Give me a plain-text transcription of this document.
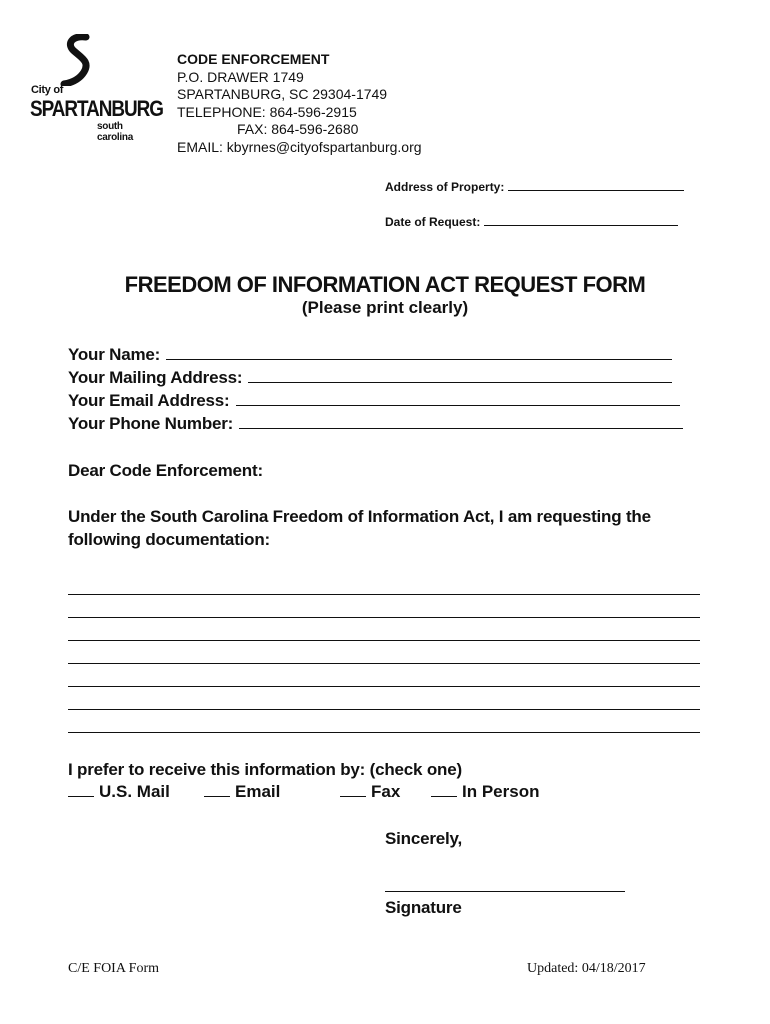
City of
SPARTANBURG
south carolina
CODE ENFORCEMENT
P.O. DRAWER 1749
SPARTANBURG, SC 29304-1749
TELEPHONE: 864-596-2915
FAX: 864-596-2680
EMAIL: kbyrnes@cityofspartanburg.org
Address of Property:
Date of Request:
FREEDOM OF INFORMATION ACT REQUEST FORM
(Please print clearly)
Your Name:
Your Mailing Address:
Your Email Address:
Your Phone Number:
Dear Code Enforcement:
Under the South Carolina Freedom of Information Act, I am requesting the
following documentation:
I prefer to receive this information by: (check one)
U.S. Mail	Email	Fax	In Person
Sincerely,
Signature
C/E FOIA Form	Updated: 04/18/2017
